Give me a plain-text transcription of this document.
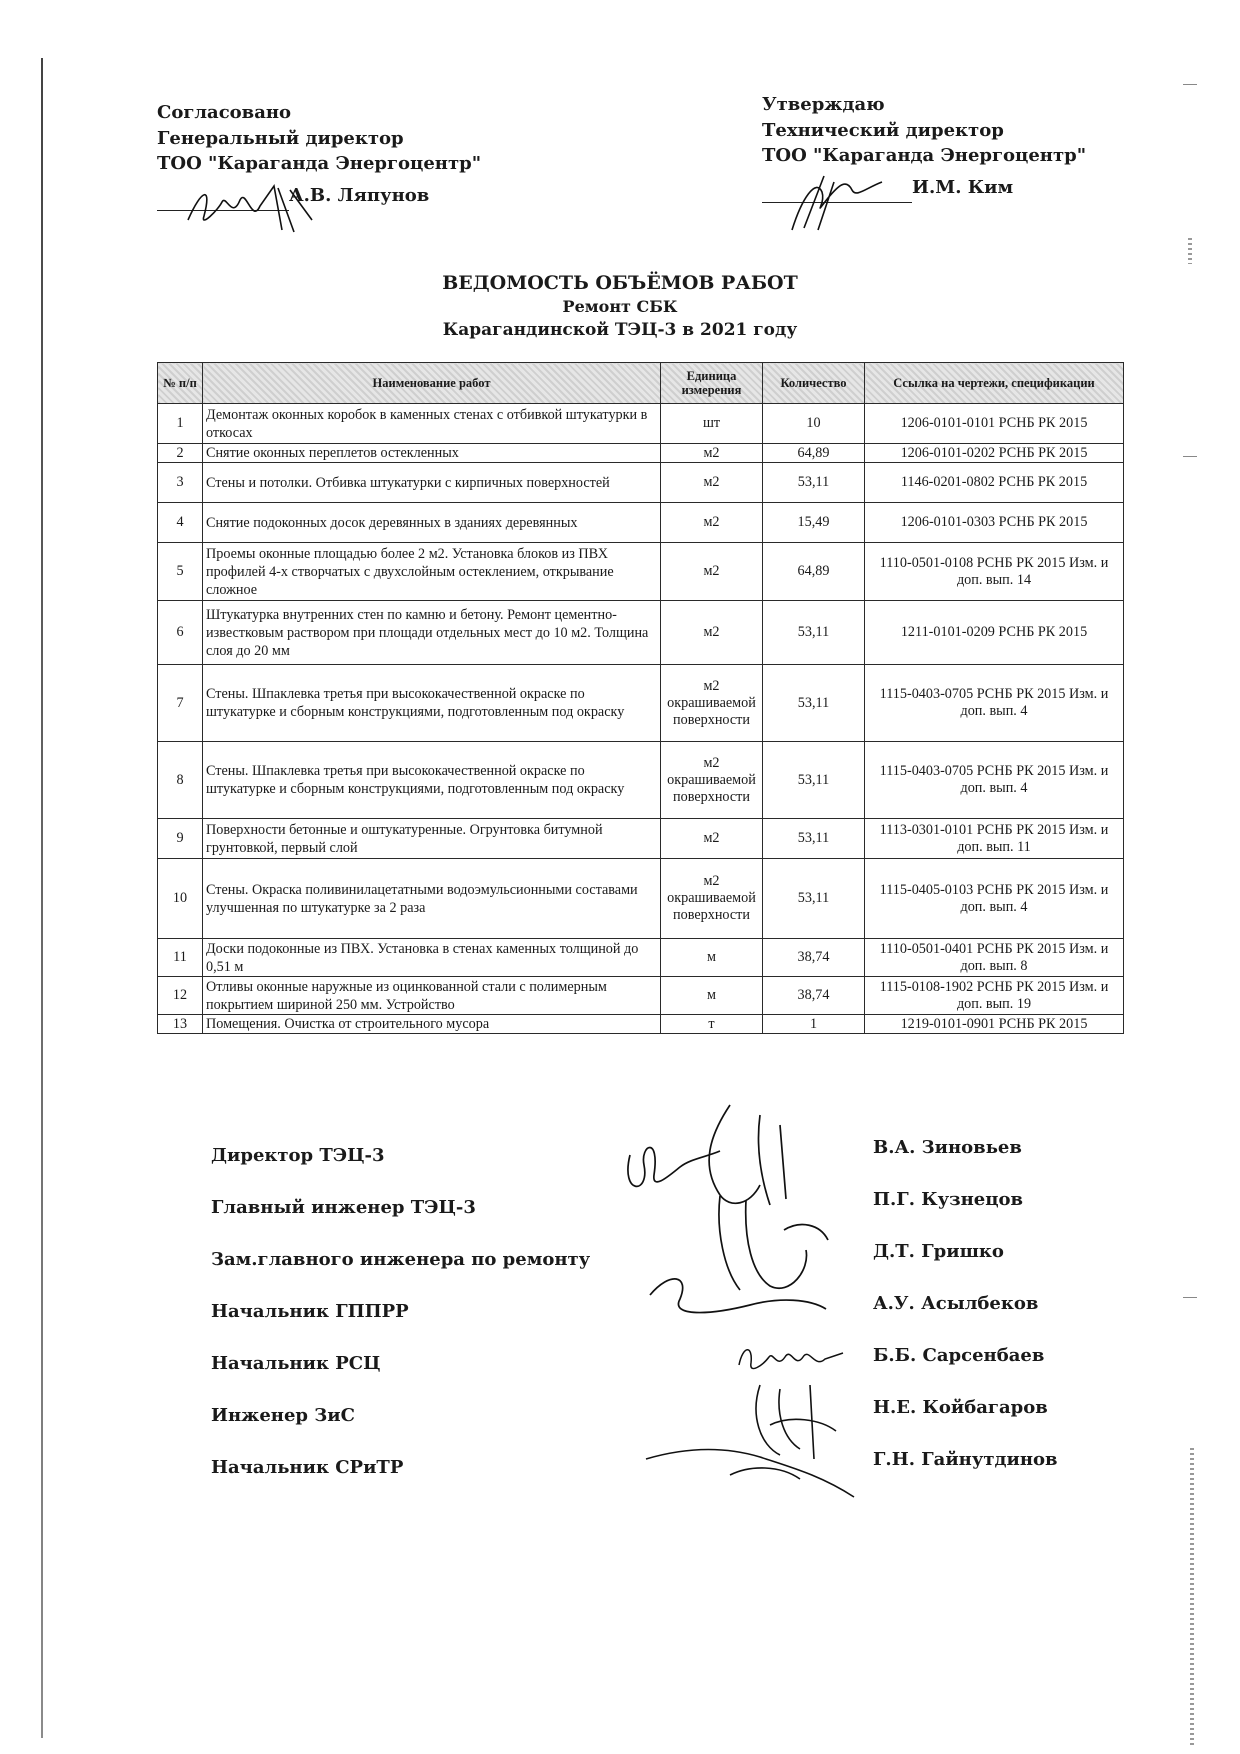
Согласовано
Генеральный директор
ТОО "Караганда Энергоцентр"
А.В. Ляпунов
Утверждаю
Технический директор
ТОО "Караганда Энергоцентр"
И.М. Ким
ВЕДОМОСТЬ ОБЪЁМОВ РАБОТ
Ремонт СБК
Карагандинской ТЭЦ-3 в 2021 году
№ п/п	Наименование работ	Единица измерения	Количество	Ссылка на чертежи, спецификации
1	Демонтаж оконных коробок в каменных стенах с отбивкой штукатурки в откосах	шт	10	1206-0101-0101 РСНБ РК 2015
2	Снятие оконных переплетов остекленных	м2	64,89	1206-0101-0202 РСНБ РК 2015
3	Стены и потолки. Отбивка штукатурки с кирпичных поверхностей	м2	53,11	1146-0201-0802 РСНБ РК 2015
4	Снятие подоконных досок деревянных в зданиях деревянных	м2	15,49	1206-0101-0303 РСНБ РК 2015
5	Проемы оконные площадью более 2 м2. Установка блоков из ПВХ профилей 4-х створчатых с двухслойным остеклением, открывание сложное	м2	64,89	1110-0501-0108 РСНБ РК 2015 Изм. и доп. вып. 14
6	Штукатурка внутренних стен по камню и бетону. Ремонт цементно-известковым раствором при площади отдельных мест до 10 м2. Толщина слоя до 20 мм	м2	53,11	1211-0101-0209 РСНБ РК 2015
7	Стены. Шпаклевка третья при высококачественной окраске по штукатурке и сборным конструкциями, подготовленным под окраску	м2 окрашиваемой поверхности	53,11	1115-0403-0705 РСНБ РК 2015 Изм. и доп. вып. 4
8	Стены. Шпаклевка третья при высококачественной окраске по штукатурке и сборным конструкциями, подготовленным под окраску	м2 окрашиваемой поверхности	53,11	1115-0403-0705 РСНБ РК 2015 Изм. и доп. вып. 4
9	Поверхности бетонные и оштукатуренные. Огрунтовка битумной грунтовкой, первый слой	м2	53,11	1113-0301-0101 РСНБ РК 2015 Изм. и доп. вып. 11
10	Стены. Окраска поливинилацетатными водоэмульсионными составами улучшенная по штукатурке за 2 раза	м2 окрашиваемой поверхности	53,11	1115-0405-0103 РСНБ РК 2015 Изм. и доп. вып. 4
11	Доски подоконные из ПВХ. Установка в стенах каменных толщиной до 0,51 м	м	38,74	1110-0501-0401 РСНБ РК 2015 Изм. и доп. вып. 8
12	Отливы оконные наружные из оцинкованной стали с полимерным покрытием шириной 250 мм. Устройство	м	38,74	1115-0108-1902 РСНБ РК 2015 Изм. и доп. вып. 19
13	Помещения. Очистка от строительного мусора	т	1	1219-0101-0901 РСНБ РК 2015
Директор ТЭЦ-3
Главный инженер ТЭЦ-3
Зам.главного инженера по ремонту
Начальник ГППРР
Начальник РСЦ
Инженер ЗиС
Начальник СРиТР
В.А. Зиновьев
П.Г. Кузнецов
Д.Т. Гришко
А.У. Асылбеков
Б.Б. Сарсенбаев
Н.Е. Койбагаров
Г.Н. Гайнутдинов
